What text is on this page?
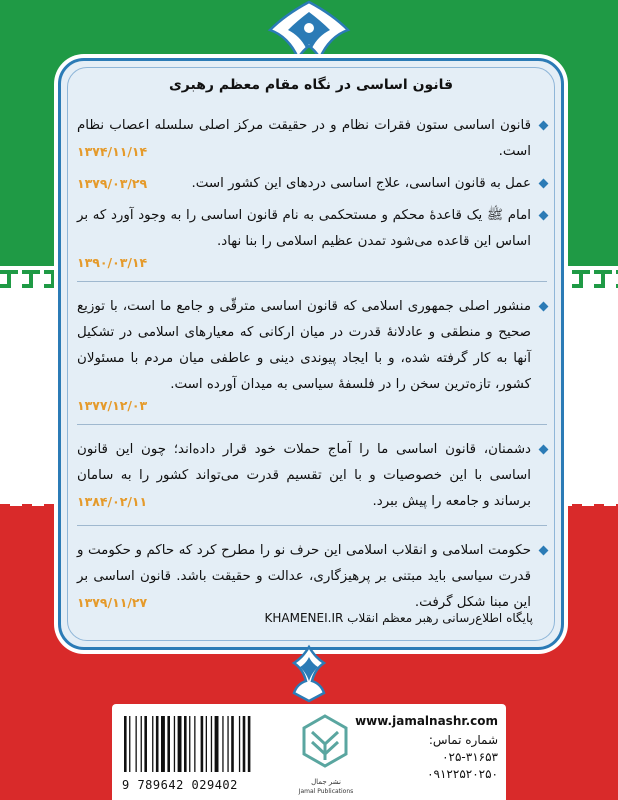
قانون اساسی در نگاه مقام معظم رهبری
قانون اساسی ستون فقرات نظام و در حقیقت مرکز اصلی سلسله اعصاب نظام است.
۱۳۷۴/۱۱/۱۴
عمل به قانون اساسی، علاج اساسی دردهای این کشور است.
۱۳۷۹/۰۳/۲۹
امام ﷺ یک قاعدهٔ محکم و مستحکمی به نام قانون اساسی را به وجود آورد که بر اساس این قاعده می‌شود تمدن عظیم اسلامی را بنا نهاد.
۱۳۹۰/۰۳/۱۴
منشور اصلی جمهوری اسلامی که قانون اساسی مترقّی و جامع ما است، با توزیع صحیح و منطقی و عادلانهٔ قدرت در میان ارکانی که معیارهای اسلامی در تشکیل آنها به کار گرفته شده، و با ایجاد پیوندی دینی و عاطفی میان مردم با مسئولان کشور، تازه‌ترین سخن را در فلسفهٔ سیاسی به میدان آورده است.
۱۳۷۷/۱۲/۰۳
دشمنان، قانون اساسی ما را آماج حملات خود قرار داده‌اند؛ چون این قانون اساسی با این خصوصیات و با این تقسیم قدرت می‌تواند کشور را به سامان برساند و جامعه را پیش ببرد.
۱۳۸۴/۰۲/۱۱
حکومت اسلامی و انقلاب اسلامی این حرف نو را مطرح کرد که حاکم و حکومت و قدرت سیاسی باید مبتنی بر پرهیزگاری، عدالت و حقیقت باشد. قانون اساسی بر این مبنا شکل گرفت.
۱۳۷۹/۱۱/۲۷
پایگاه اطلاع‌رسانی رهبر معظم انقلاب KHAMENEI.IR
9 789642 029402	نشر جمال
Jamal Publications
www.jamalnashr.com
شماره تماس:
۰۲۵-۳۱۶۵۳
۰۹۱۲۲۵۲۰۲۵۰
